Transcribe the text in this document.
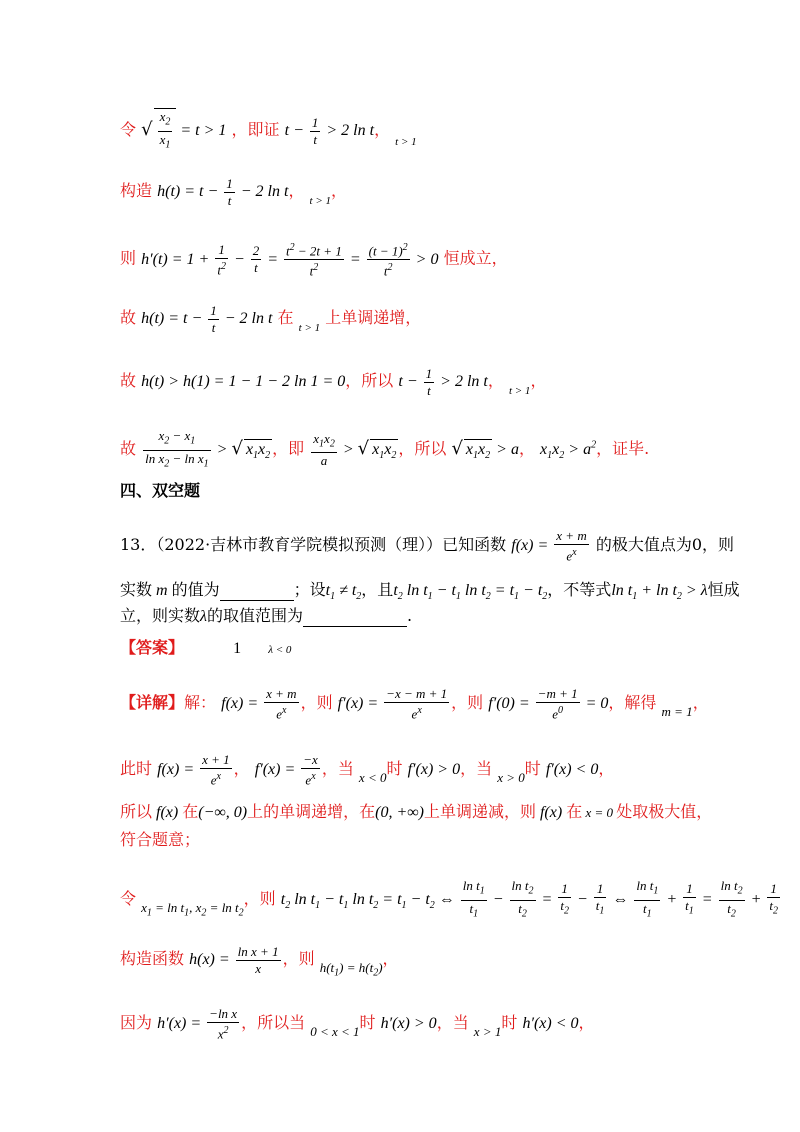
令 √ $\frac{x_2}{x_1} = t > 1$ ，即证 $t - \frac{1}{t} > 2$ ln t， $_{t > 1}$
构造 $h(t) = t - \frac{1}{t} - 2$ ln t， $_{t > 1}$，
则 $h'(t) = 1 + \frac{1}{t^2} - \frac{2}{t} = \frac{t^2 - 2t + 1}{t^2} = \frac{(t - 1)^2}{t^2} > 0$ 恒成立，
故 $h(t) = t - \frac{1}{t} - 2$ ln t 在 $_{t > 1}$ 上单调递增，
故 h(t) > h(1) = 1 − 1 − 2 ln 1 = 0，所以 $t - \frac{1}{t} > 2$ ln t， $_{t > 1}$，
故 $\frac{x_2 - x_1}{\ln x_2 - \ln x_1}$ > √ $x_1x_2$ ，即 $\frac{x_1x_2}{a}$ > √ $x_1x_2$ ，所以 √ $x_1x_2 > a$， $x_1x_2 > a^2$，证毕.
四、双空题
13．（2022·吉林市教育学院模拟预测（理））已知函数 $f(x) = \frac{x + m}{e^x}$ 的极大值点为0，则
实数 m 的值为	；设$t_1 \ne t_2$，且$t_2$ $\ln t_1 - t_1$ $\ln t_2 = t_1 - t_2$，不等式$\ln t_1 + \ln t_2 > \lambda$恒成
立，则实数λ的取值范围为	.
【答案】	1 λ < 0
【详解】解： $f(x) = \frac{x + m}{e^x}$ ，则 $f'(x) = \frac{-x - m + 1}{e^x}$ ，则 $f'(0) = \frac{-m + 1}{e^0} = 0$，解得 $_{m = 1}$，
此时 $f(x) = \frac{x + 1}{e^x}$ ， $f'(x) = \frac{-x}{e^x}$ ，当 $_{x < 0}$时 f′(x) > 0，当 $_{x > 0}$时 f′(x) < 0，
所以 f(x) 在(−∞, 0)上的单调递增，在(0, +∞)上单调递减，则 f(x) 在 x = 0 处取极大值，
符合题意；
令 $_{x_1 = ln t_1, x_2 = ln t_2}$，则 $t_2$ $\ln t_1 - t_1$ $\ln t_2 = t_1 - t_2$ ⇔ $\frac{\ln t_1}{t_1} - \frac{\ln t_2}{t_2} = \frac{1}{t_2} - \frac{1}{t_1}$ ⇔ $\frac{\ln t_1}{t_1} + \frac{1}{t_1} = \frac{\ln t_2}{t_2} + \frac{1}{t_2}$
构造函数 $h(x) = \frac{\text{ln x + 1}}{x}$ ，则 $_{h(t_1) = h(t_2)}$，
因为 $h'(x) = \frac{\text{−ln x}}{x^2}$ ，所以当 $_{0 < x < 1}$时 h′(x) > 0，当 $_{x > 1}$时 h′(x) < 0，
